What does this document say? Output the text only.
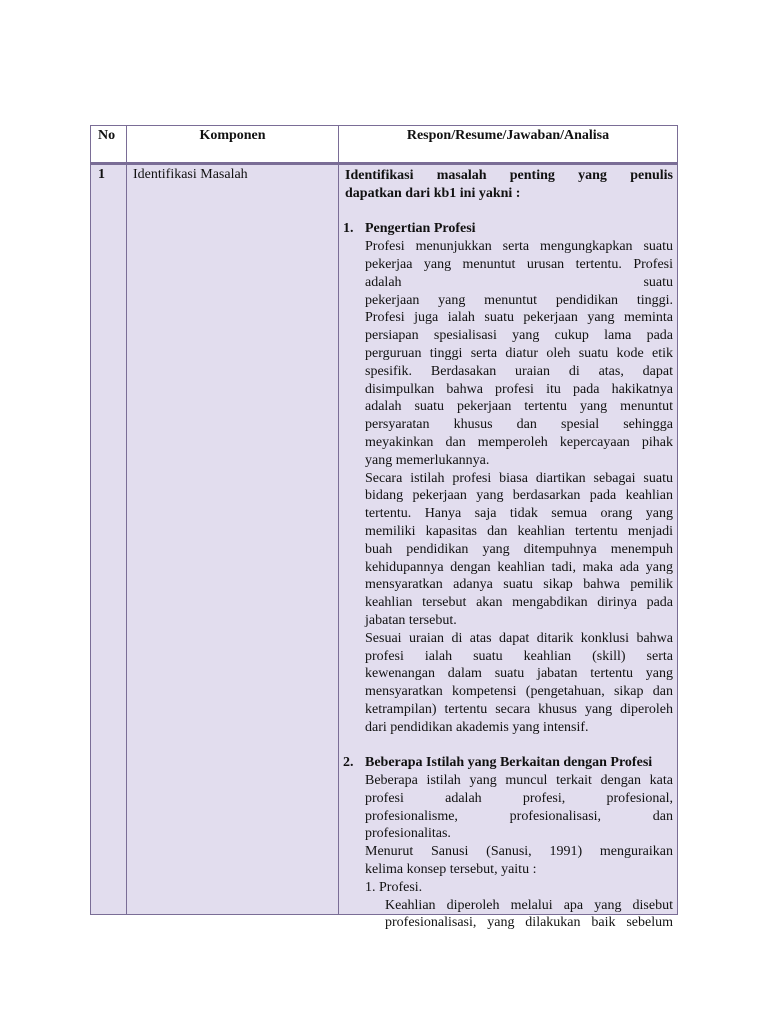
No	Komponen	Respon/Resume/Jawaban/Analisa
1 Identifikasi Masalah	Identifikasi masalah penting yang penulis
dapatkan dari kb1 ini yakni :
1. Pengertian Profesi
Profesi menunjukkan serta mengungkapkan suatu
pekerjaa yang menuntut urusan tertentu. Profesi adalah suatu
pekerjaan yang menuntut pendidikan tinggi.
Profesi juga ialah suatu pekerjaan yang meminta
persiapan spesialisasi yang cukup lama pada
perguruan tinggi serta diatur oleh suatu kode etik
spesifik. Berdasakan uraian di atas, dapat
disimpulkan bahwa profesi itu pada hakikatnya
adalah suatu pekerjaan tertentu yang menuntut
persyaratan khusus dan spesial sehingga
meyakinkan dan memperoleh kepercayaan pihak
yang memerlukannya.
Secara istilah profesi biasa diartikan sebagai suatu
bidang pekerjaan yang berdasarkan pada keahlian
tertentu. Hanya saja tidak semua orang yang
memiliki kapasitas dan keahlian tertentu menjadi
buah pendidikan yang ditempuhnya menempuh
kehidupannya dengan keahlian tadi, maka ada yang
mensyaratkan adanya suatu sikap bahwa pemilik
keahlian tersebut akan mengabdikan dirinya pada
jabatan tersebut.
Sesuai uraian di atas dapat ditarik konklusi bahwa
profesi ialah suatu keahlian (skill) serta
kewenangan dalam suatu jabatan tertentu yang
mensyaratkan kompetensi (pengetahuan, sikap dan
ketrampilan) tertentu secara khusus yang diperoleh
dari pendidikan akademis yang intensif.
2. Beberapa Istilah yang Berkaitan dengan Profesi
Beberapa istilah yang muncul terkait dengan kata
profesi adalah profesi, profesional,
profesionalisme, profesionalisasi, dan
profesionalitas.
Menurut Sanusi (Sanusi, 1991) menguraikan
kelima konsep tersebut, yaitu :
1. Profesi.
Keahlian diperoleh melalui apa yang disebut
profesionalisasi, yang dilakukan baik sebelum
